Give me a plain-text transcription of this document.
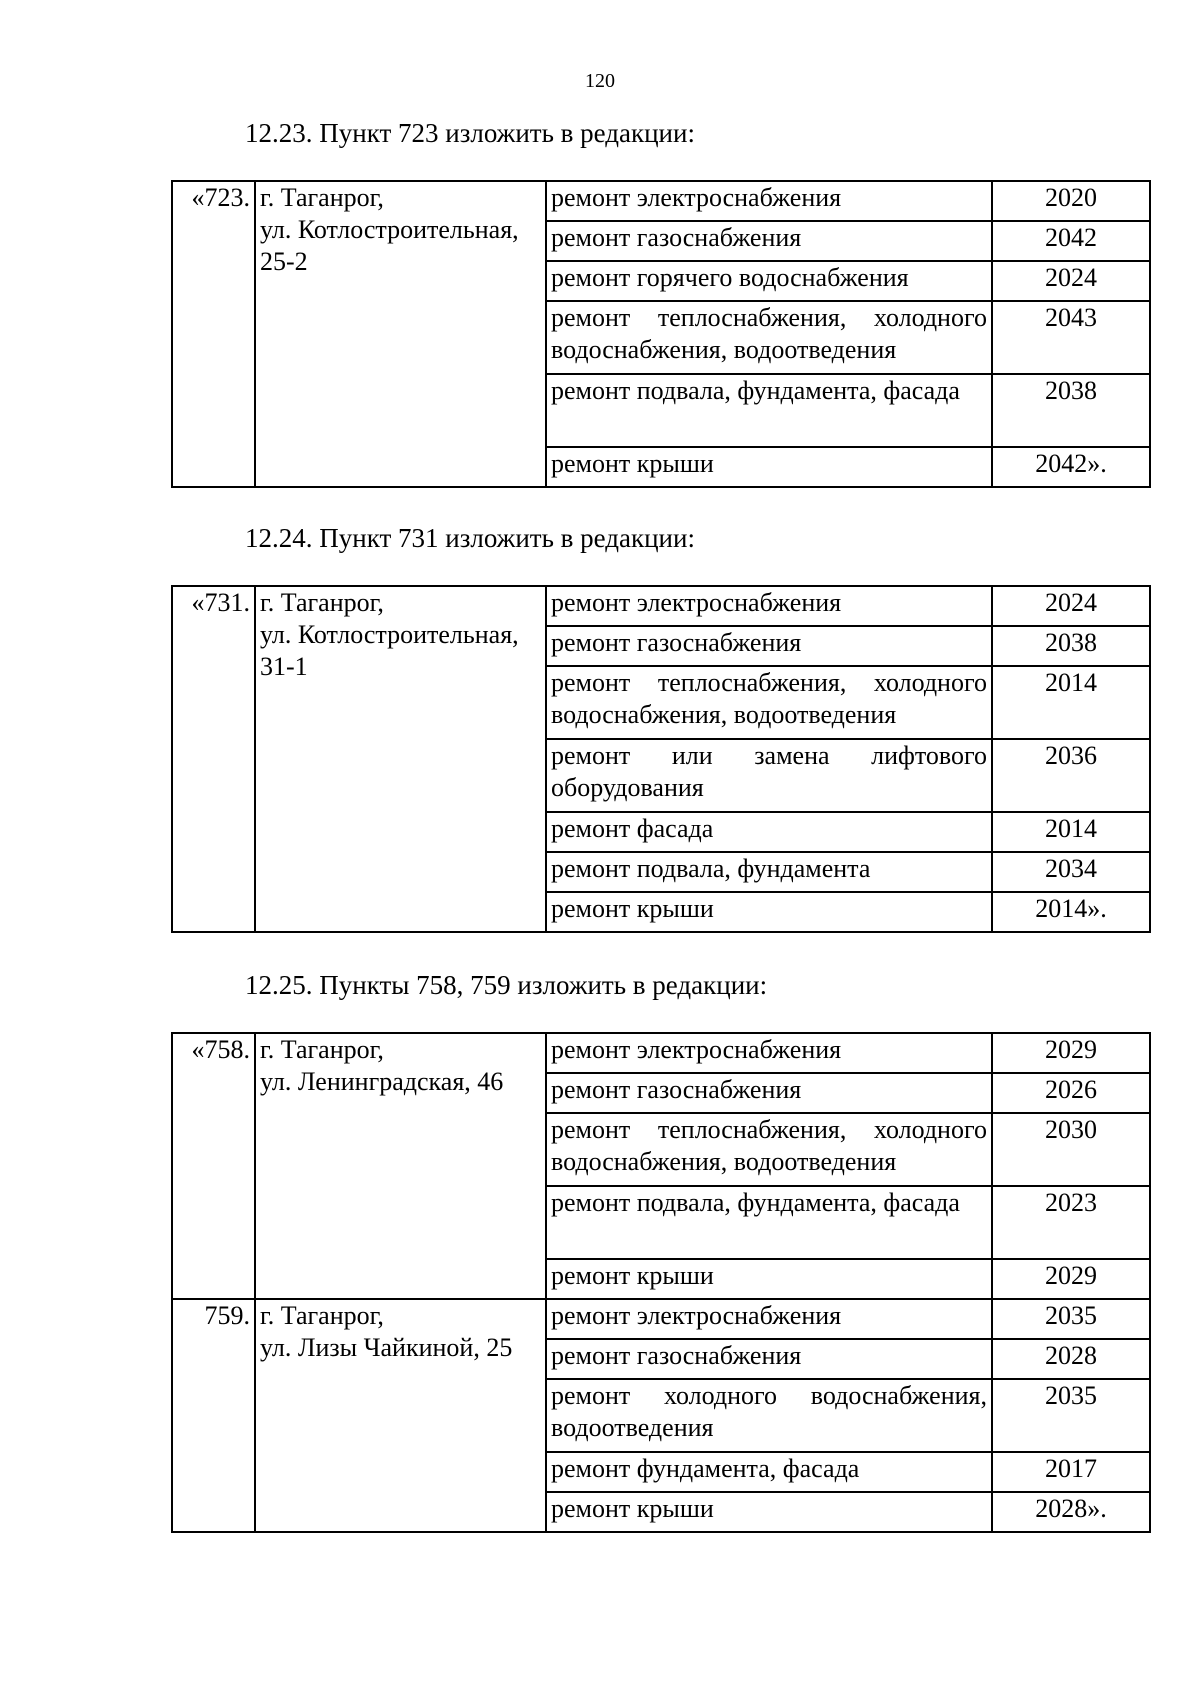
120
12.23. Пункт 723 изложить в редакции:
«723.	г. Таганрог,
ул. Котлостроительная,
25-2	ремонт электроснабжения	2020
		ремонт газоснабжения	2042
		ремонт горячего водоснабжения	2024
		ремонт теплоснабжения, холодного водоснабжения, водоотведения	2043
		ремонт подвала, фундамента, фасада	2038
		ремонт крыши	2042».
12.24. Пункт 731 изложить в редакции:
«731.	г. Таганрог,
ул. Котлостроительная,
31-1	ремонт электроснабжения	2024
		ремонт газоснабжения	2038
		ремонт теплоснабжения, холодного водоснабжения, водоотведения	2014
		ремонт или замена лифтового оборудования	2036
		ремонт фасада	2014
		ремонт подвала, фундамента	2034
		ремонт крыши	2014».
12.25. Пункты 758, 759 изложить в редакции:
«758.	г. Таганрог,
ул. Ленинградская, 46	ремонт электроснабжения	2029
		ремонт газоснабжения	2026
		ремонт теплоснабжения, холодного водоснабжения, водоотведения	2030
		ремонт подвала, фундамента, фасада	2023
		ремонт крыши	2029
759.	г. Таганрог,
ул. Лизы Чайкиной, 25	ремонт электроснабжения	2035
		ремонт газоснабжения	2028
		ремонт холодного водоснабжения, водоотведения	2035
		ремонт фундамента, фасада	2017
		ремонт крыши	2028».
